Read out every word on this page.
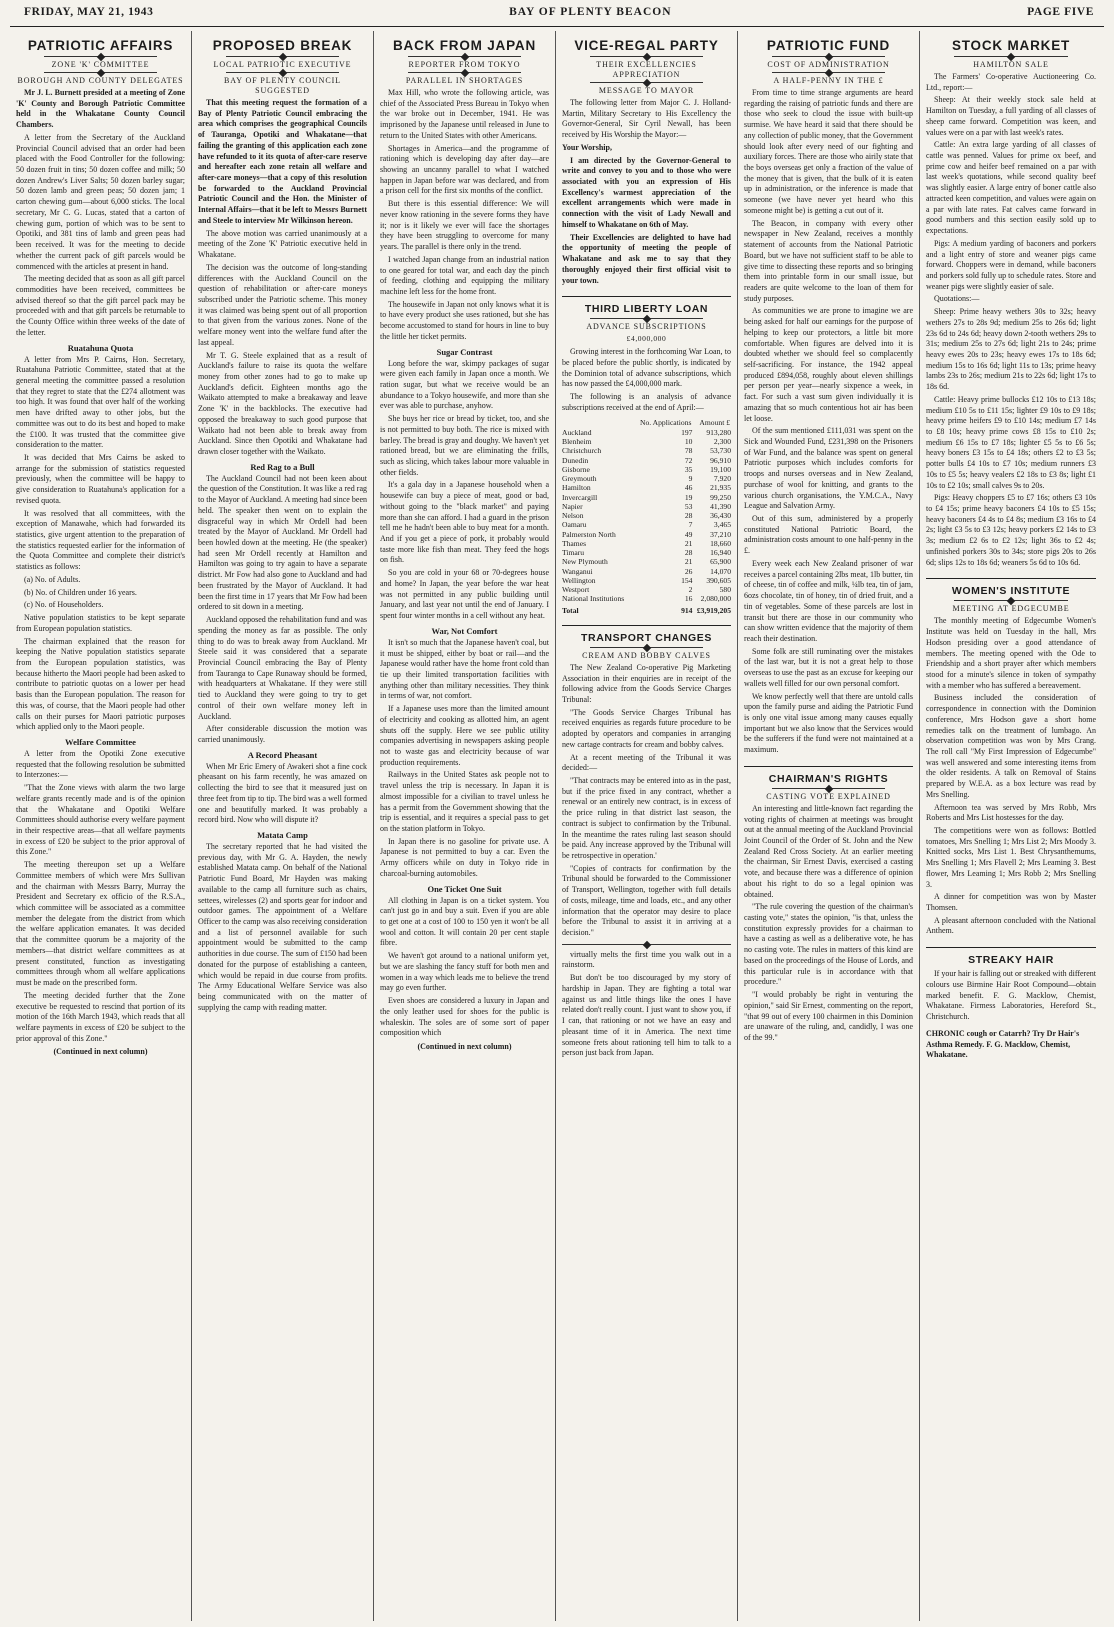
FRIDAY, MAY 21, 1943	BAY OF PLENTY BEACON	PAGE FIVE
PATRIOTIC AFFAIRS
ZONE 'K' COMMITTEE
BOROUGH AND COUNTY DELEGATES

Mr J. L. Burnett presided at a meeting of Zone 'K' County and Borough Patriotic Committee held in the Whakatane County Council Chambers.

A letter from the Secretary of the Auckland Provincial Council advised that an order had been placed with the Food Controller for the following: 50 dozen fruit in tins; 50 dozen coffee and milk; 50 dozen Andrew's Liver Salts; 50 dozen barley sugar; 50 dozen lamb and green peas; 50 dozen jam; 1 carton chewing gum—about 6,000 sticks. The local secretary, Mr C. G. Lucas, stated that a carton of chewing gum, portion of which was to be sent to Opotiki, and 381 tins of lamb and green peas had been received. It was for the meeting to decide whether the current pack of gift parcels would be commenced with the articles at present in hand.

The meeting decided that as soon as all gift parcel commodities have been received, committees be advised thereof so that the gift parcel pack may be proceeded with and that gift parcels be returnable to the County Office within three weeks of the date of the letter.

Ruatahuna Quota

A letter from Mrs P. Cairns, Hon. Secretary, Ruatahuna Patriotic Committee, stated that at the general meeting the committee passed a resolution that they regret to state that the £274 allotment was too high. It was found that over half of the working men have drifted away to other jobs, but the committee was out to do its best and hoped to make the £100. It was trusted that the committee give consideration to the matter.

It was decided that Mrs Cairns be asked to arrange for the submission of statistics requested previously, when the committee will be happy to give consideration to Ruatahuna's application for a revised quota.

It was resolved that all committees, with the exception of Manawahe, which had forwarded its statistics, give urgent attention to the preparation of the statistics requested earlier for the information of the Quota Committee and complete their district's statistics as follows:

(a) No. of Adults.

(b) No. of Children under 16 years.

(c) No. of Householders.

Native population statistics to be kept separate from European population statistics.

The chairman explained that the reason for keeping the Native population statistics separate from the European population statistics, was because hitherto the Maori people had been asked to contribute to patriotic quotas on a lower per head basis than the European population. The reason for this was, of course, that the Maori people had other calls on their purses for Maori patriotic purposes which applied only to the Maori people.

Welfare Committee

A letter from the Opotiki Zone executive requested that the following resolution be submitted to Interzones:—

"That the Zone views with alarm the two large welfare grants recently made and is of the opinion that the Whakatane and Opotiki Welfare Committees should authorise every welfare payment in their respective areas—that all welfare payments in excess of £20 be subject to the prior approval of this Zone."

The meeting thereupon set up a Welfare Committee members of which were Mrs Sullivan and the chairman with Messrs Barry, Murray the President and Secretary ex officio of the R.S.A., which committee will be associated as a committee member the delegate from the district from which the welfare application emanates. It was decided that the committee quorum be a majority of the members—that district welfare committees as at present constituted, function as investigating committees through whom all welfare applications must be made on the prescribed form.

The meeting decided further that the Zone executive be requested to rescind that portion of its motion of the 16th March 1943, which reads that all welfare payments in excess of £20 be subject to the prior approval of this Zone."

(Continued in next column)
PROPOSED BREAK
LOCAL PATRIOTIC EXECUTIVE
BAY OF PLENTY COUNCIL SUGGESTED

That this meeting request the formation of a Bay of Plenty Patriotic Council embracing the area which comprises the geographical Councils of Tauranga, Opotiki and Whakatane—that failing the granting of this application each zone have refunded to it its quota of after-care reserve and hereafter each zone retain all welfare and after-care moneys—that a copy of this resolution be forwarded to the Auckland Provincial Patriotic Council and the Hon. the Minister of Internal Affairs—that it be left to Messrs Burnett and Steele to interview Mr Wilkinson hereon.

The above motion was carried unanimously at a meeting of the Zone 'K' Patriotic executive held in Whakatane.

The decision was the outcome of long-standing differences with the Auckland Council on the question of rehabilitation or after-care moneys subscribed under the Patriotic scheme. This money it was claimed was being spent out of all proportion to that given from the various zones. None of the welfare money went into the welfare fund after the last appeal.

Mr T. G. Steele explained that as a result of Auckland's failure to raise its quota the welfare money from other zones had to go to make up Auckland's deficit. Eighteen months ago the Waikato attempted to make a breakaway and leave Zone 'K' in the backblocks. The executive had opposed the breakaway to such good purpose that Waikato had not been able to break away from Auckland. Since then Opotiki and Whakatane had drawn closer together with the Waikato.

Red Rag to a Bull

The Auckland Council had not been keen about the question of the Constitution. It was like a red rag to the Mayor of Auckland. A meeting had since been held. The speaker then went on to explain the disgraceful way in which Mr Ordell had been treated by the Mayor of Auckland. Mr Ordell had been howled down at the meeting. He (the speaker) had seen Mr Ordell recently at Hamilton and Hamilton was going to try again to have a separate district. Mr Fow had also gone to Auckland and had been frustrated by the Mayor of Auckland. It had been the first time in 17 years that Mr Fow had been ordered to sit down in a meeting.

Auckland opposed the rehabilitation fund and was spending the money as far as possible. The only thing to do was to break away from Auckland. Mr Steele said it was considered that a separate Provincial Council embracing the Bay of Plenty from Tauranga to Cape Runaway should be formed, with headquarters at Whakatane. If they were still tied to Auckland they were going to try to get control of their own welfare money left in Auckland.

After considerable discussion the motion was carried unanimously.

A Record Pheasant

When Mr Eric Emery of Awakeri shot a fine cock pheasant on his farm recently, he was amazed on collecting the bird to see that it measured just on three feet from tip to tip. The bird was a well formed one and beautifully marked. It was probably a record bird. Now who will dispute it?

Matata Camp

The secretary reported that he had visited the previous day, with Mr G. A. Hayden, the newly established Matata camp. On behalf of the National Patriotic Fund Board, Mr Hayden was making available to the camp all furniture such as chairs, settees, wirelesses (2) and sports gear for indoor and outdoor games. The appointment of a Welfare Officer to the camp was also receiving consideration and a list of personnel available for such appointment would be submitted to the camp authorities in due course. The sum of £150 had been donated for the purpose of establishing a canteen, which would be repaid in due course from profits. The Army Educational Welfare Service was also being communicated with on the matter of supplying the camp with reading matter.

BACK FROM JAPAN
REPORTER FROM TOKYO
PARALLEL IN SHORTAGES

Max Hill, who wrote the following article, was chief of the Associated Press Bureau in Tokyo when the war broke out in December, 1941. He was imprisoned by the Japanese until released in June to return to the United States with other Americans.

Shortages in America—and the programme of rationing which is developing day after day—are showing an uncanny parallel to what I watched happen in Japan before war was declared, and from a prison cell for the first six months of the conflict.

But there is this essential difference: We will never know rationing in the severe forms they have it; nor is it likely we ever will face the shortages they have been struggling to overcome for many years. The parallel is there only in the trend.

I watched Japan change from an industrial nation to one geared for total war, and each day the pinch of feeding, clothing and equipping the military machine left less for the home front.

The housewife in Japan not only knows what it is to have every product she uses rationed, but she has become accustomed to stand for hours in line to buy the little her ticket permits.

Sugar Contrast

Long before the war, skimpy packages of sugar were given each family in Japan once a month. We ration sugar, but what we receive would be an abundance to a Tokyo housewife, and more than she ever was able to purchase, anyhow.

She buys her rice or bread by ticket, too, and she is not permitted to buy both. The rice is mixed with barley. The bread is gray and doughy. We haven't yet rationed bread, but we are eliminating the frills, such as slicing, which takes labour more valuable in other fields.

It's a gala day in a Japanese household when a housewife can buy a piece of meat, good or bad, without going to the "black market" and paying more than she can afford. I had a guard in the prison tell me he hadn't been able to buy meat for a month. And if you get a piece of pork, it probably would taste more like fish than meat. They feed the hogs on fish.

So you are cold in your 68 or 70-degrees house and home? In Japan, the year before the war heat was not permitted in any public building until January, and last year not until the end of January. I spent four winter months in a cell without any heat.

War, Not Comfort

It isn't so much that the Japanese haven't coal, but it must be shipped, either by boat or rail—and the Japanese would rather have the home front cold than tie up their limited transportation facilities with anything other than military necessities. They think in terms of war, not comfort.

If a Japanese uses more than the limited amount of electricity and cooking as allotted him, an agent shuts off the supply. Here we see public utility companies advertising in newspapers asking people not to waste gas and electricity because of war production requirements.

Railways in the United States ask people not to travel unless the trip is necessary. In Japan it is almost impossible for a civilian to travel unless he has a permit from the Government showing that the trip is essential, and it requires a special pass to get on the station platform in Tokyo.

In Japan there is no gasoline for private use. A Japanese is not permitted to buy a car. Even the Army officers while on duty in Tokyo ride in charcoal-burning automobiles.

One Ticket One Suit

All clothing in Japan is on a ticket system. You can't just go in and buy a suit. Even if you are able to get one at a cost of 100 to 150 yen it won't be all wool and cotton. It will contain 20 per cent staple fibre.

We haven't got around to a national uniform yet, but we are slashing the fancy stuff for both men and women in a way which leads me to believe the trend may go even further.

Even shoes are considered a luxury in Japan and the only leather used for shoes for the public is whaleskin. The soles are of some sort of paper composition which

(Continued in next column)
VICE-REGAL PARTY
THEIR EXCELLENCIES APPRECIATION
MESSAGE TO MAYOR

The following letter from Major C. J. Holland-Martin, Military Secretary to His Excellency the Governor-General, Sir Cyril Newall, has been received by His Worship the Mayor:—

Your Worship,

I am directed by the Governor-General to write and convey to you and to those who were associated with you an expression of His Excellency's warmest appreciation of the excellent arrangements which were made in connection with the visit of Lady Newall and himself to Whakatane on 6th of May.

Their Excellencies are delighted to have had the opportunity of meeting the people of Whakatane and ask me to say that they thoroughly enjoyed their first official visit to your town.

THIRD LIBERTY LOAN
ADVANCE SUBSCRIPTIONS
£4,000,000

Growing interest in the forthcoming War Loan, to be placed before the public shortly, is indicated by the Dominion total of advance subscriptions, which has now passed the £4,000,000 mark.

The following is an analysis of advance subscriptions received at the end of April:—

	No. Applications	Amount £
Auckland	197	913,280
Blenheim	10	2,300
Christchurch	78	53,730
Dunedin	72	96,910
Gisborne	35	19,100
Greymouth	9	7,920
Hamilton	46	21,935
Invercargill	19	99,250
Napier	53	41,390
Nelson	28	36,430
Oamaru	7	3,465
Palmerston North	49	37,210
Thames	21	18,660
Timaru	28	16,940
New Plymouth	21	65,900
Wanganui	26	14,070
Wellington	154	390,605
Westport	2	580
National Institutions	16	2,080,000
Total	914	£3,919,205
TRANSPORT CHANGES
CREAM AND BOBBY CALVES

The New Zealand Co-operative Pig Marketing Association in their enquiries are in receipt of the following advice from the Goods Service Charges Tribunal:

"The Goods Service Charges Tribunal has received enquiries as regards future procedure to be adopted by operators and companies in arranging new cartage contracts for cream and bobby calves.

At a recent meeting of the Tribunal it was decided:—

"That contracts may be entered into as in the past, but if the price fixed in any contract, whether a renewal or an entirely new contract, is in excess of the price ruling in that district last season, the contract is subject to confirmation by the Tribunal. In the meantime the rates ruling last season should be paid. Any increase approved by the Tribunal will be retrospective in operation.'

"Copies of contracts for confirmation by the Tribunal should be forwarded to the Commissioner of Transport, Wellington, together with full details of costs, mileage, time and loads, etc., and any other information that the operator may desire to place before the Tribunal to assist it in arriving at a decision."

virtually melts the first time you walk out in a rainstorm.

But don't be too discouraged by my story of hardship in Japan. They are fighting a total war against us and little things like the ones I have related don't really count. I just want to show you, if I can, that rationing or not we have an easy and pleasant time of it in America. The next time someone frets about rationing tell him to talk to a person just back from Japan.

PATRIOTIC FUND
COST OF ADMINISTRATION
A HALF-PENNY IN THE £

From time to time strange arguments are heard regarding the raising of patriotic funds and there are those who seek to cloud the issue with built-up surmise. We have heard it said that there should be any collection of public money, that the Government should look after every need of our fighting and auxiliary forces. There are those who airily state that the boys overseas get only a fraction of the value of the money that is given, that the bulk of it is eaten up in administration, or the inference is made that someone (we have never yet heard who this someone might be) is getting a cut out of it.

The Beacon, in company with every other newspaper in New Zealand, receives a monthly statement of accounts from the National Patriotic Board, but we have not sufficient staff to be able to give time to dissecting these reports and so bringing them into printable form in our small issue, but readers are quite welcome to the loan of them for study purposes.

As communities we are prone to imagine we are being asked for half our earnings for the purpose of helping to keep our protectors, a little bit more comfortable. When figures are delved into it is doubted whether we should feel so complacently self-sacrificing. For instance, the 1942 appeal produced £894,058, roughly about eleven shillings per person per year—nearly sixpence a week, in fact. For such a vast sum given individually it is amazing that so much contentious hot air has been let loose.

Of the sum mentioned £111,031 was spent on the Sick and Wounded Fund, £231,398 on the Prisoners of War Fund, and the balance was spent on general Patriotic purposes which includes comforts for troops and nurses overseas and in New Zealand, purchase of wool for knitting, and grants to the various church organisations, the Y.M.C.A., Navy League and Salvation Army.

Out of this sum, administered by a properly constituted National Patriotic Board, the administration costs amount to one half-penny in the £.

Every week each New Zealand prisoner of war receives a parcel containing 2lbs meat, 1lb butter, tin of cheese, tin of coffee and milk, ¼lb tea, tin of jam, 6ozs chocolate, tin of honey, tin of dried fruit, and a tin of vegetables. Some of these parcels are lost in transit but there are those in our community who can show written evidence that the majority of them reach their destination.

Some folk are still ruminating over the mistakes of the last war, but it is not a great help to those overseas to use the past as an excuse for keeping our wallets well filled for our own personal comfort.

We know perfectly well that there are untold calls upon the family purse and aiding the Patriotic Fund is only one vital issue among many causes equally important but we also know that the Services would be the sufferers if the fund were not maintained at a maximum.

CHAIRMAN'S RIGHTS
CASTING VOTE EXPLAINED

An interesting and little-known fact regarding the voting rights of chairmen at meetings was brought out at the annual meeting of the Auckland Provincial Joint Council of the Order of St. John and the New Zealand Red Cross Society. At an earlier meeting the chairman, Sir Ernest Davis, exercised a casting vote, and because there was a difference of opinion about his right to do so a legal opinion was obtained.

"The rule covering the question of the chairman's casting vote," states the opinion, "is that, unless the constitution expressly provides for a chairman to have a casting as well as a deliberative vote, he has no casting vote. The rules in matters of this kind are based on the proceedings of the House of Lords, and this particular rule is in accordance with that procedure."

"I would probably be right in venturing the opinion," said Sir Ernest, commenting on the report, "that 99 out of every 100 chairmen in this Dominion are unaware of the ruling, and, candidly, I was one of the 99."

STOCK MARKET
HAMILTON SALE

The Farmers' Co-operative Auctioneering Co. Ltd., report:—

Sheep: At their weekly stock sale held at Hamilton on Tuesday, a full yarding of all classes of sheep came forward. Competition was keen, and values were on a par with last week's rates.

Cattle: An extra large yarding of all classes of cattle was penned. Values for prime ox beef, and prime cow and heifer beef remained on a par with last week's quotations, while second quality beef was slightly easier. A large entry of boner cattle also attracted keen competition, and values were again on a par with late rates. Fat calves came forward in good numbers and this section easily sold up to expectations.

Pigs: A medium yarding of baconers and porkers and a light entry of store and weaner pigs came forward. Choppers were in demand, while baconers and porkers sold fully up to schedule rates. Store and weaner pigs were slightly easier of sale.

Quotations:—

Sheep: Prime heavy wethers 30s to 32s; heavy wethers 27s to 28s 9d; medium 25s to 26s 6d; light 23s 6d to 24s 6d; heavy down 2-tooth wethers 29s to 31s; medium 25s to 27s 6d; light 21s to 24s; prime heavy ewes 20s to 23s; heavy ewes 17s to 18s 6d; medium 15s to 16s 6d; light 11s to 13s; prime heavy lambs 23s to 26s; medium 21s to 22s 6d; light 17s to 18s 6d.

Cattle: Heavy prime bullocks £12 10s to £13 18s; medium £10 5s to £11 15s; lighter £9 10s to £9 18s; heavy prime heifers £9 to £10 14s; medium £7 14s to £8 10s; heavy prime cows £8 15s to £10 2s; medium £6 15s to £7 18s; lighter £5 5s to £6 5s; heavy boners £3 15s to £4 18s; others £2 to £3 5s; potter bulls £4 10s to £7 10s; medium runners £3 10s to £5 5s; heavy vealers £2 18s to £3 8s; light £1 10s to £2 10s; small calves 9s to 20s.

Pigs: Heavy choppers £5 to £7 16s; others £3 10s to £4 15s; prime heavy baconers £4 10s to £5 15s; heavy baconers £4 4s to £4 8s; medium £3 16s to £4 2s; light £3 5s to £3 12s; heavy porkers £2 14s to £3 3s; medium £2 6s to £2 12s; light 36s to £2 4s; unfinished porkers 30s to 34s; store pigs 20s to 26s 6d; slips 12s to 18s 6d; weaners 5s 6d to 10s 6d.

WOMEN'S INSTITUTE
MEETING AT EDGECUMBE

The monthly meeting of Edgecumbe Women's Institute was held on Tuesday in the hall, Mrs Hodson presiding over a good attendance of members. The meeting opened with the Ode to Friendship and a short prayer after which members stood for a minute's silence in token of sympathy with a member who has suffered a bereavement.

Business included the consideration of correspondence in connection with the Dominion conference, Mrs Hodson gave a short home remedies talk on the treatment of lumbago. An observation competition was won by Mrs Crang. The roll call "My First Impression of Edgecumbe" was well answered and some interesting items from the older residents. A talk on Removal of Stains prepared by W.E.A. as a box lecture was read by Mrs Snelling.

Afternoon tea was served by Mrs Robb, Mrs Roberts and Mrs List hostesses for the day.

The competitions were won as follows: Bottled tomatoes, Mrs Snelling 1; Mrs List 2; Mrs Moody 3. Knitted socks, Mrs List 1. Best Chrysanthemums, Mrs Snelling 1; Mrs Flavell 2; Mrs Leaming 3. Best flower, Mrs Leaming 1; Mrs Robb 2; Mrs Snelling 3.

A dinner for competition was won by Master Thomsen.

A pleasant afternoon concluded with the National Anthem.

STREAKY HAIR

If your hair is falling out or streaked with different colours use Birmine Hair Root Compound—obtain marked benefit. F. G. Macklow, Chemist, Whakatane. Firmess Laboratories, Hereford St., Christchurch.

CHRONIC cough or Catarrh? Try Dr Hair's Asthma Remedy. F. G. Macklow, Chemist, Whakatane.
